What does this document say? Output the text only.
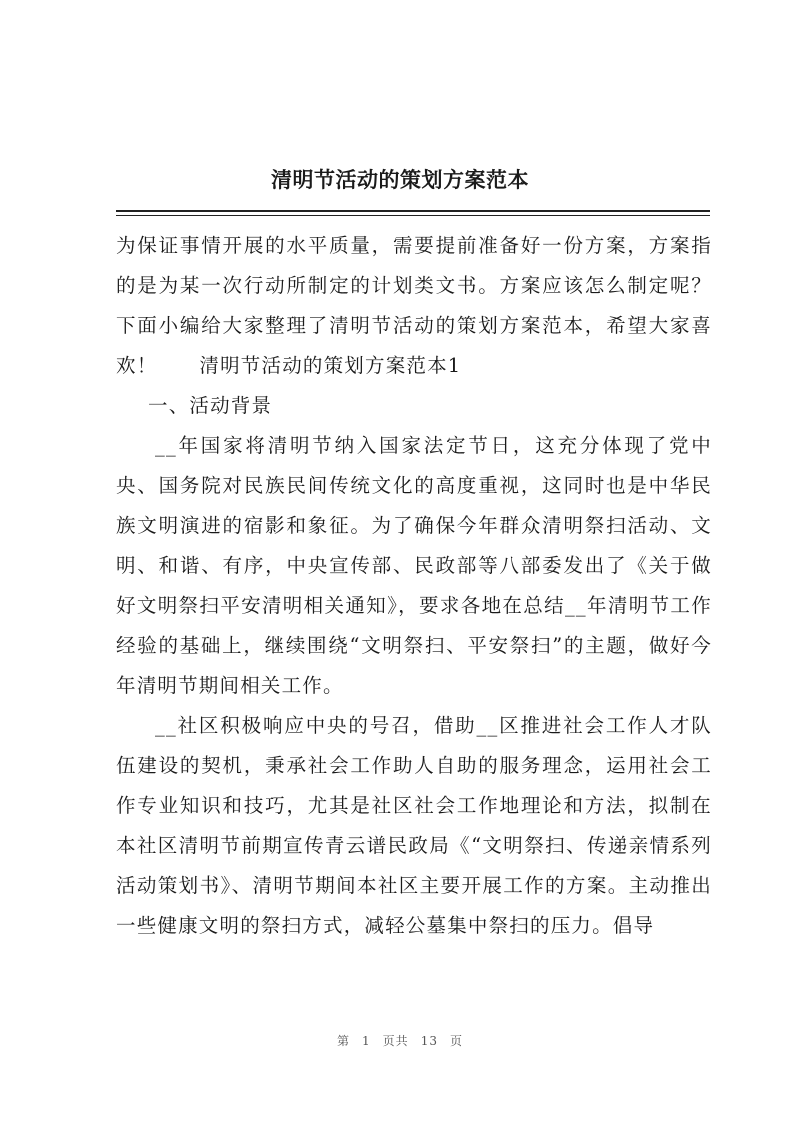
清明节活动的策划方案范本

为保证事情开展的水平质量，需要提前准备好一份方案，方案指的是为某一次行动所制定的计划类文书。方案应该怎么制定呢？下面小编给大家整理了清明节活动的策划方案范本，希望大家喜欢！ 清明节活动的策划方案范本1

一、活动背景

__年国家将清明节纳入国家法定节日，这充分体现了党中央、国务院对民族民间传统文化的高度重视，这同时也是中华民族文明演进的宿影和象征。为了确保今年群众清明祭扫活动、文明、和谐、有序，中央宣传部、民政部等八部委发出了《关于做好文明祭扫平安清明相关通知》，要求各地在总结__年清明节工作经验的基础上，继续围绕“文明祭扫、平安祭扫”的主题，做好今年清明节期间相关工作。

__社区积极响应中央的号召，借助__区推进社会工作人才队伍建设的契机，秉承社会工作助人自助的服务理念，运用社会工作专业知识和技巧，尤其是社区社会工作地理论和方法，拟制在本社区清明节前期宣传青云谱民政局《“文明祭扫、传递亲情系列活动策划书》、清明节期间本社区主要开展工作的方案。主动推出一些健康文明的祭扫方式，减轻公墓集中祭扫的压力。倡导

第 1 页共 13 页
